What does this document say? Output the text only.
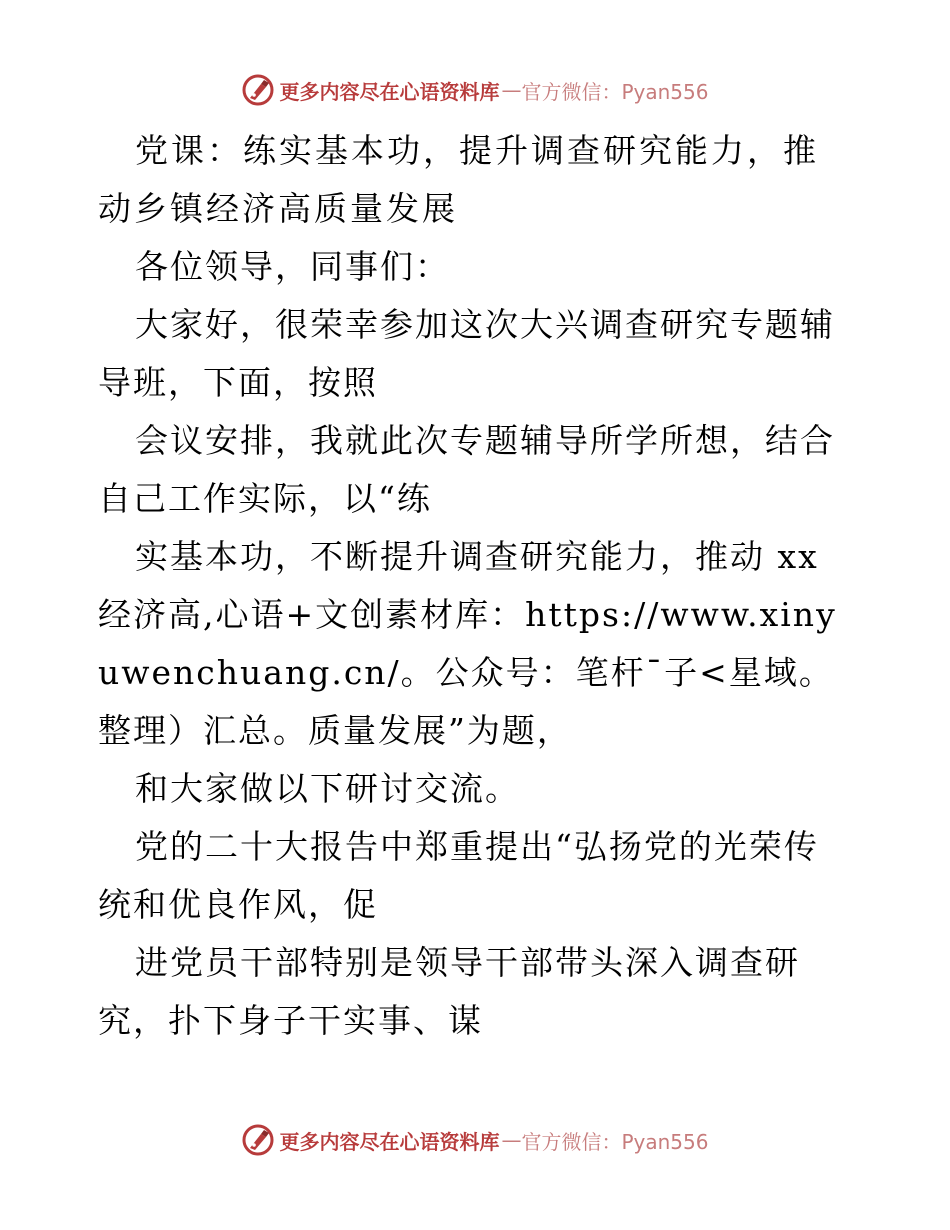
更多内容尽在心语资料库 — 官方微信：Pyan556

党课：练实基本功，提升调查研究能力，推动乡镇经济高质量发展

各位领导，同事们：

大家好，很荣幸参加这次大兴调查研究专题辅导班，下面，按照

会议安排，我就此次专题辅导所学所想，结合自己工作实际，以“练

实基本功，不断提升调查研究能力，推动 xx 经济高,心语+文创素材库：https://www.xinyuwenchuang.cn/。公众号：笔杆¯子<星域。整理）汇总。质量发展”为题，

和大家做以下研讨交流。

党的二十大报告中郑重提出“弘扬党的光荣传统和优良作风，促

进党员干部特别是领导干部带头深入调查研究，扑下身子干实事、谋

更多内容尽在心语资料库 — 官方微信：Pyan556
